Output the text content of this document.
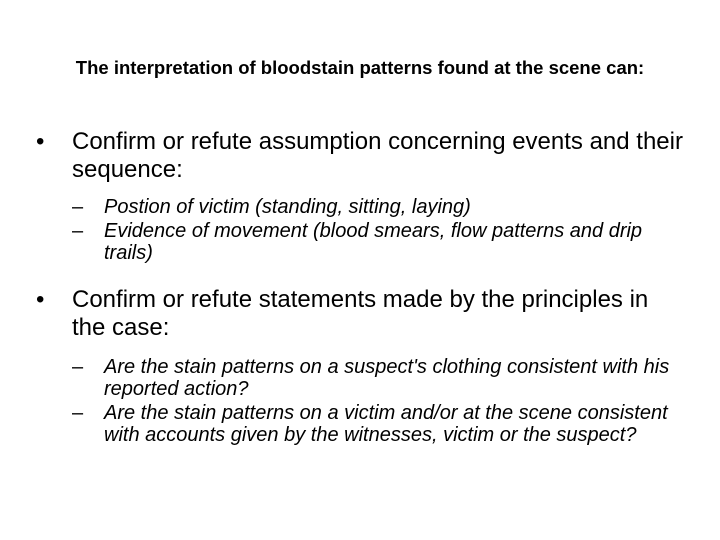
The interpretation of bloodstain patterns found at the scene can:
•	Confirm or refute assumption concerning events and their sequence:
– Postion of victim (standing, sitting, laying)
– Evidence of movement (blood smears, flow patterns and drip trails)
•	Confirm or refute statements made by the principles in the case:
– Are the stain patterns on a suspect's clothing consistent with his reported action?
– Are the stain patterns on a victim and/or at the scene consistent with accounts given by the witnesses, victim or the suspect?
